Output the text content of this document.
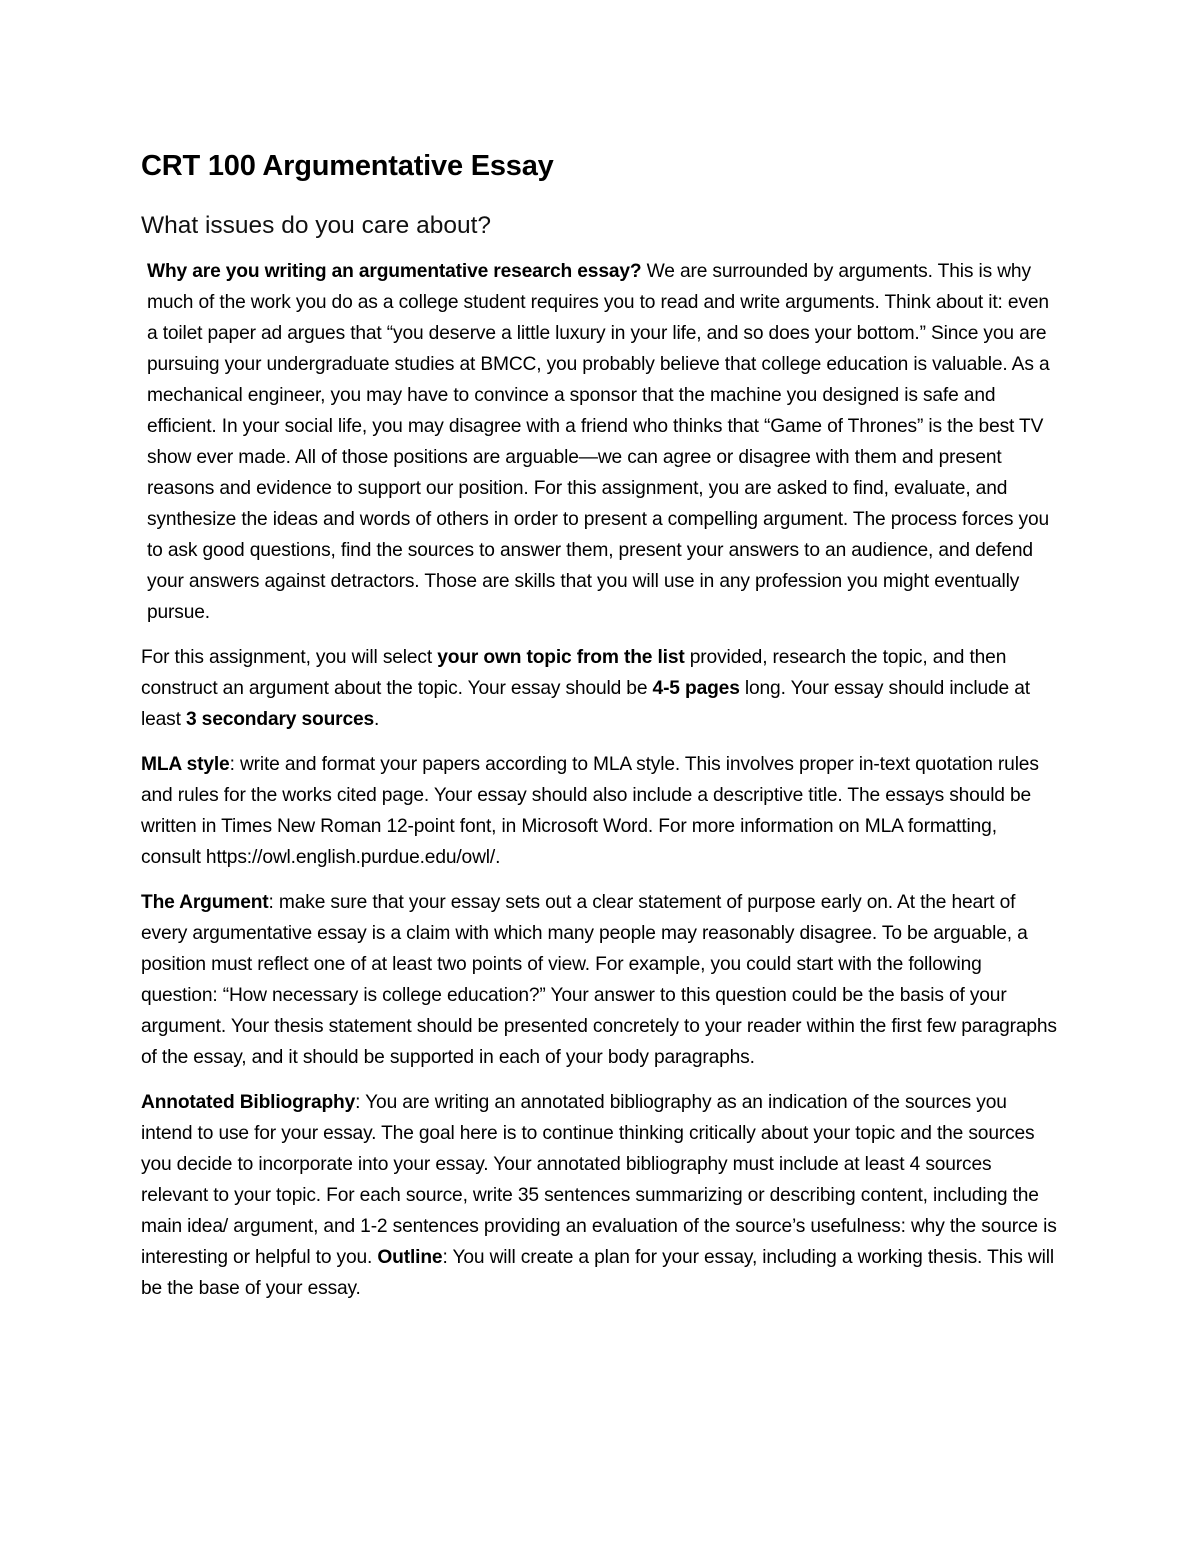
CRT 100 Argumentative Essay
What issues do you care about?

Why are you writing an argumentative research essay? We are surrounded by arguments. This is why much of the work you do as a college student requires you to read and write arguments. Think about it: even a toilet paper ad argues that “you deserve a little luxury in your life, and so does your bottom.” Since you are pursuing your undergraduate studies at BMCC, you probably believe that college education is valuable. As a mechanical engineer, you may have to convince a sponsor that the machine you designed is safe and efficient. In your social life, you may disagree with a friend who thinks that “Game of Thrones” is the best TV show ever made. All of those positions are arguable—we can agree or disagree with them and present reasons and evidence to support our position. For this assignment, you are asked to find, evaluate, and synthesize the ideas and words of others in order to present a compelling argument. The process forces you to ask good questions, find the sources to answer them, present your answers to an audience, and defend your answers against detractors. Those are skills that you will use in any profession you might eventually pursue.

For this assignment, you will select your own topic from the list provided, research the topic, and then construct an argument about the topic. Your essay should be 4-5 pages long. Your essay should include at least 3 secondary sources.

MLA style: write and format your papers according to MLA style. This involves proper in-text quotation rules and rules for the works cited page. Your essay should also include a descriptive title. The essays should be written in Times New Roman 12-point font, in Microsoft Word. For more information on MLA formatting, consult https://owl.english.purdue.edu/owl/.

The Argument: make sure that your essay sets out a clear statement of purpose early on. At the heart of every argumentative essay is a claim with which many people may reasonably disagree. To be arguable, a position must reflect one of at least two points of view. For example, you could start with the following question: “How necessary is college education?” Your answer to this question could be the basis of your argument. Your thesis statement should be presented concretely to your reader within the first few paragraphs of the essay, and it should be supported in each of your body paragraphs.

Annotated Bibliography: You are writing an annotated bibliography as an indication of the sources you intend to use for your essay. The goal here is to continue thinking critically about your topic and the sources you decide to incorporate into your essay. Your annotated bibliography must include at least 4 sources relevant to your topic. For each source, write 35 sentences summarizing or describing content, including the main idea/ argument, and 1-2 sentences providing an evaluation of the source’s usefulness: why the source is interesting or helpful to you. Outline: You will create a plan for your essay, including a working thesis. This will be the base of your essay.
